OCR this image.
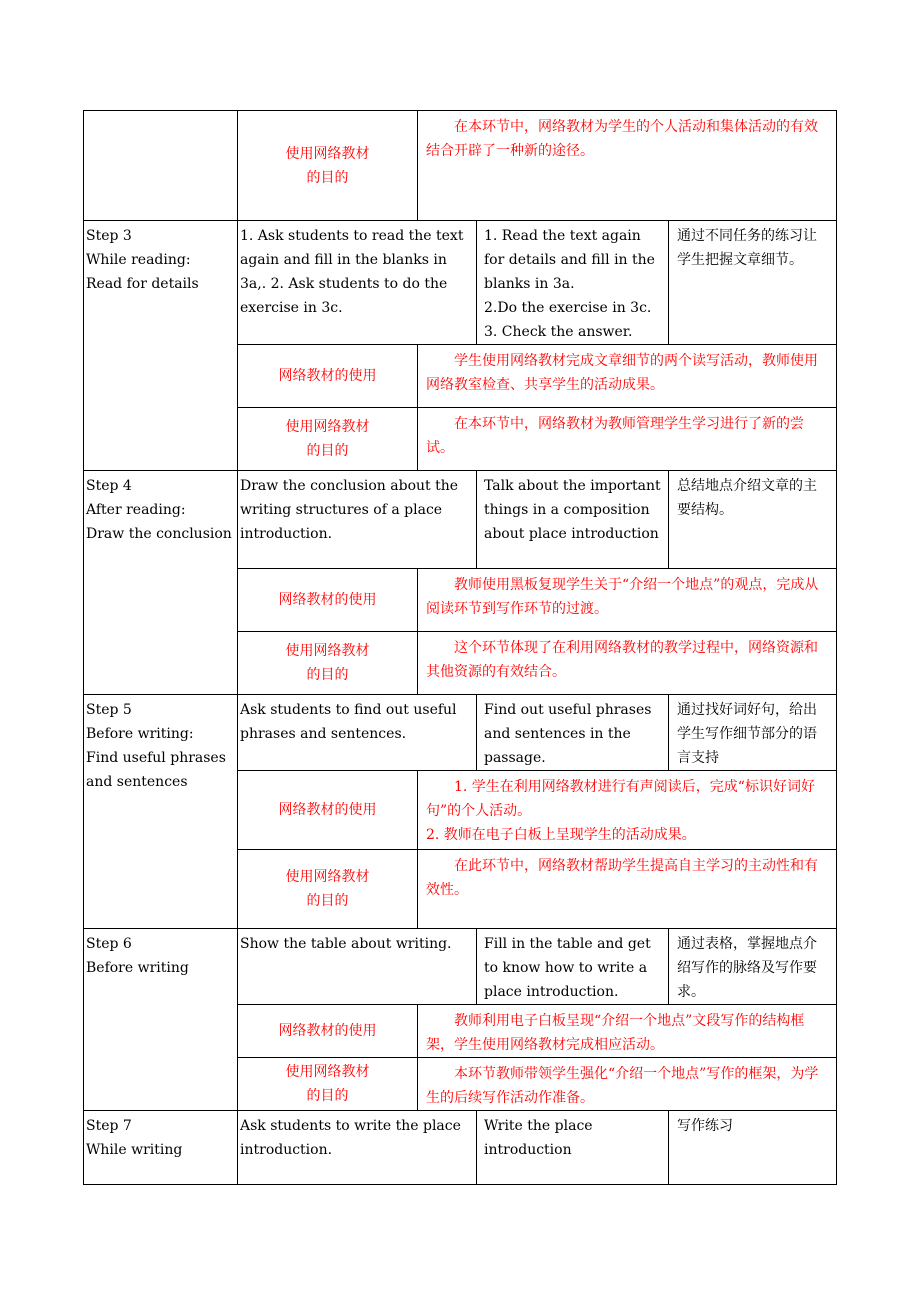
	使用网络教材
的目的	在本环节中，网络教材为学生的个人活动和集体活动的有效结合开辟了一种新的途径。		

Step 3
While reading:
Read for details	1. Ask students to read the text again and fill in the blanks in 3a,. 2. Ask students to do the exercise in 3c.		1. Read the text again for details and fill in the blanks in 3a.
2.Do the exercise in 3c.
3. Check the answer.	通过不同任务的练习让学生把握文章细节。
	网络教材的使用	学生使用网络教材完成文章细节的两个读写活动，教师使用网络教室检查、共享学生的活动成果。		

	使用网络教材
的目的	在本环节中，网络教材为教师管理学生学习进行了新的尝试。		

Step 4
After reading:
Draw the conclusion	Draw the conclusion about the writing structures of a place introduction.		Talk about the important things in a composition about place introduction	总结地点介绍文章的主要结构。
	网络教材的使用	教师使用黑板复现学生关于“介绍一个地点”的观点，完成从阅读环节到写作环节的过渡。		

	使用网络教材
的目的	这个环节体现了在利用网络教材的教学过程中，网络资源和其他资源的有效结合。		

Step 5
Before writing:
Find useful phrases and sentences	Ask students to find out useful phrases and sentences.		Find out useful phrases and sentences in the passage.	通过找好词好句，给出学生写作细节部分的语言支持
	网络教材的使用	1. 学生在利用网络教材进行有声阅读后，完成“标识好词好句”的个人活动。
2. 教师在电子白板上呈现学生的活动成果。		

	使用网络教材
的目的	在此环节中，网络教材帮助学生提高自主学习的主动性和有效性。		

Step 6
Before writing	Show the table about writing.		Fill in the table and get to know how to write a place introduction.	通过表格，掌握地点介绍写作的脉络及写作要求。
	网络教材的使用	教师利用电子白板呈现“介绍一个地点”文段写作的结构框架，学生使用网络教材完成相应活动。		

	使用网络教材
的目的	本环节教师带领学生强化“介绍一个地点”写作的框架，为学生的后续写作活动作准备。		

Step 7
While writing	Ask students to write the place introduction.		Write the place introduction	写作练习
